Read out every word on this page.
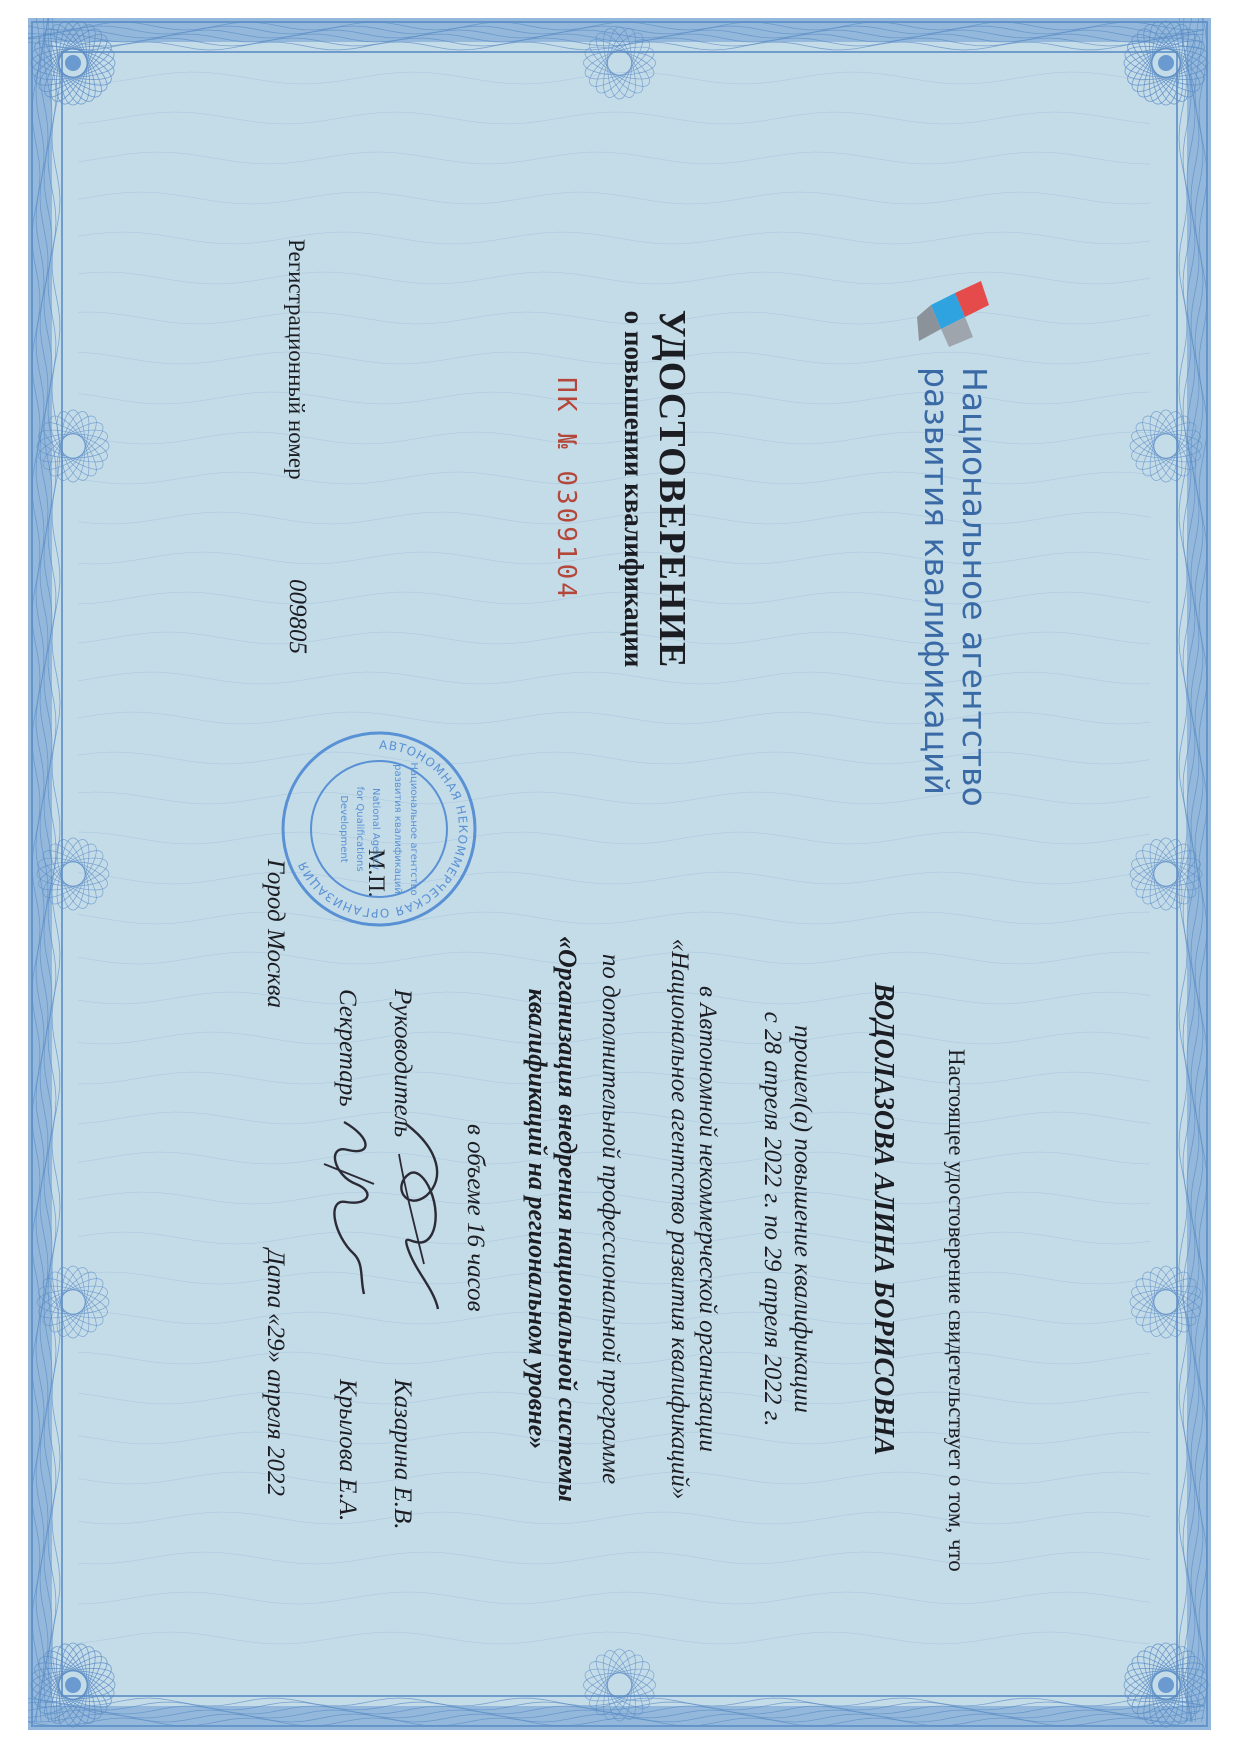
Национальное агентство
развития квалификаций
УДОСТОВЕРЕНИЕ
о повышении квалификации
ПК № 0309104
Регистрационный номер
009805
Настоящее удостоверение свидетельствует о том, что
ВОДОЛАЗОВА АЛИНА БОРИСОВНА
прошел(а) повышение квалификации
с 28 апреля 2022 г. по 29 апреля 2022 г.
в Автономной некоммерческой организации
«Национальное агентство развития квалификаций»
по дополнительной профессиональной программе
«Организация внедрения национальной системы
квалификаций на региональном уровне»
в объеме 16 часов
Руководитель
Казарина Е.В.
Секретарь
Крылова Е.А.
М.П.
Город
Москва
Дата
«29» апреля 2022
АВТОНОМНАЯ НЕКОММЕРЧЕСКАЯ ОРГАНИЗАЦИЯ	Национальное агентство
развития квалификаций
National Agency
for Qualifications
Development
